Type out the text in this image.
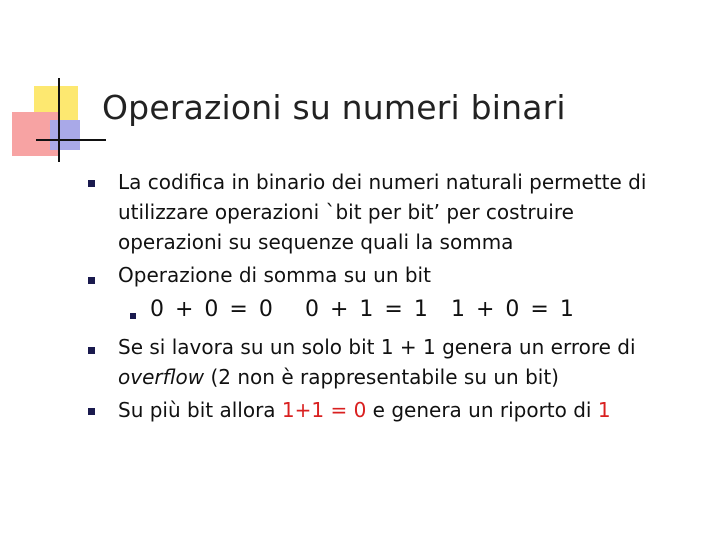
Operazioni su numeri binari
La codifica in binario dei numeri naturali permette di
utilizzare operazioni `bit per bit’ per costruire
operazioni su sequenze quali la somma
Operazione di somma su un bit
0 + 0 = 0 0 + 1 = 1 1 + 0 = 1
Se si lavora su un solo bit 1 + 1 genera un errore di
overflow (2 non è rappresentabile su un bit)
Su più bit allora 1+1 = 0 e genera un riporto di 1
